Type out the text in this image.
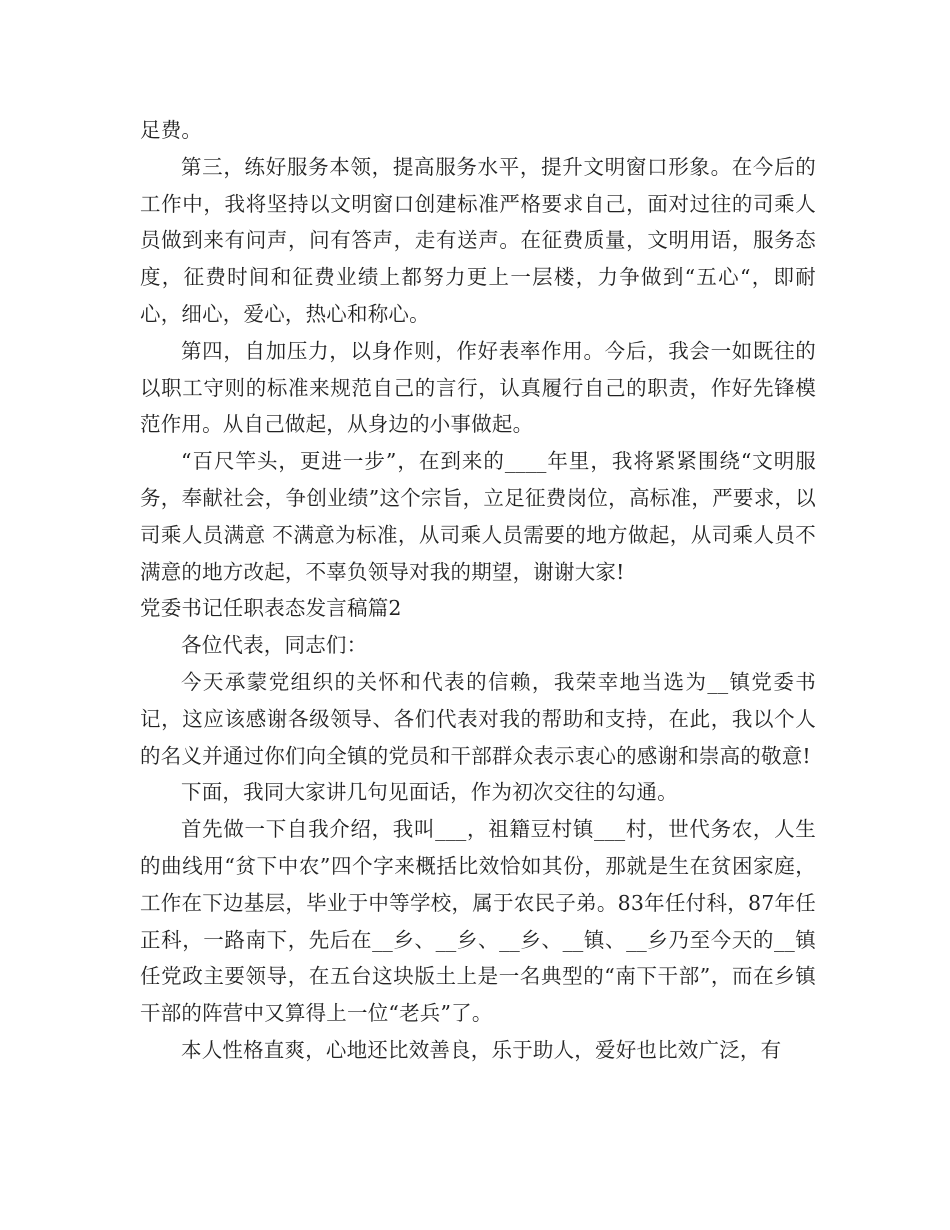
足费。

第三，练好服务本领，提高服务水平，提升文明窗口形象。在今后的工作中，我将坚持以文明窗口创建标准严格要求自己，面对过往的司乘人员做到来有问声，问有答声，走有送声。在征费质量，文明用语，服务态度，征费时间和征费业绩上都努力更上一层楼，力争做到“五心“，即耐心，细心，爱心，热心和称心。

第四，自加压力，以身作则，作好表率作用。今后，我会一如既往的以职工守则的标准来规范自己的言行，认真履行自己的职责，作好先锋模范作用。从自己做起，从身边的小事做起。

“百尺竿头，更进一步”，在到来的____年里，我将紧紧围绕“文明服务，奉献社会，争创业绩”这个宗旨，立足征费岗位，高标准，严要求，以司乘人员满意 不满意为标准，从司乘人员需要的地方做起，从司乘人员不满意的地方改起，不辜负领导对我的期望，谢谢大家!

党委书记任职表态发言稿篇2

各位代表，同志们：

今天承蒙党组织的关怀和代表的信赖，我荣幸地当选为__镇党委书记，这应该感谢各级领导、各们代表对我的帮助和支持，在此，我以个人的名义并通过你们向全镇的党员和干部群众表示衷心的感谢和崇高的敬意!

下面，我同大家讲几句见面话，作为初次交往的勾通。

首先做一下自我介绍，我叫___，祖籍豆村镇___村，世代务农，人生的曲线用“贫下中农”四个字来概括比效恰如其份，那就是生在贫困家庭，工作在下边基层，毕业于中等学校，属于农民子弟。83年任付科，87年任正科，一路南下，先后在__乡、__乡、__乡、__镇、__乡乃至今天的__镇任党政主要领导，在五台这块版土上是一名典型的“南下干部”，而在乡镇干部的阵营中又算得上一位“老兵”了。

本人性格直爽，心地还比效善良，乐于助人，爱好也比效广泛，有
